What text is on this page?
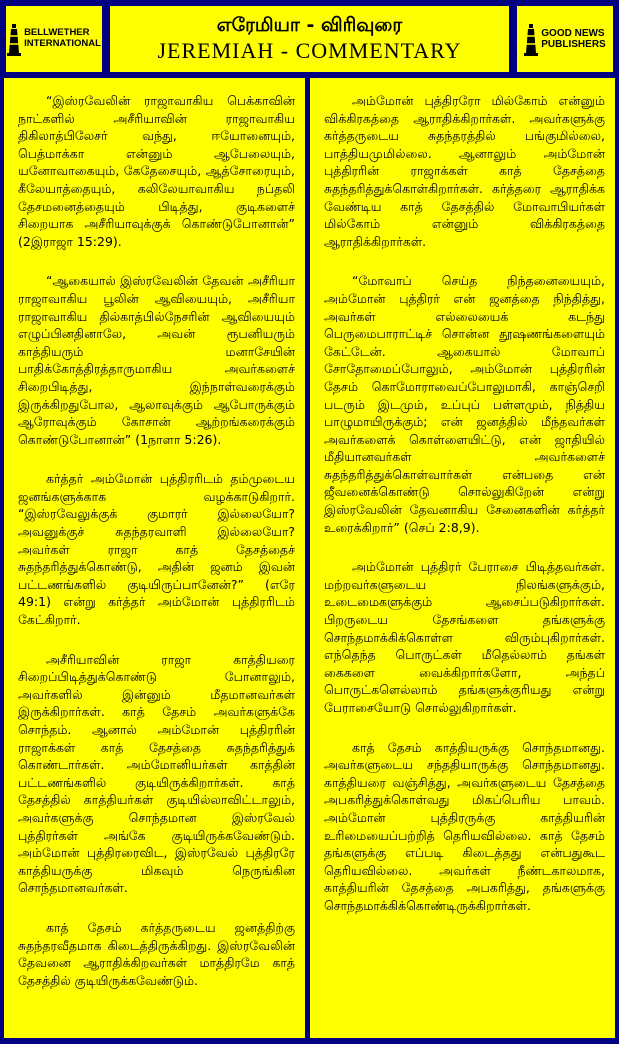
BELLWETHER
INTERNATIONAL
எரேமியா - விரிவுரை
JEREMIAH - COMMENTARY
GOOD NEWS
PUBLISHERS

“இஸ்ரவேலின் ராஜாவாகிய பெக்காவின் நாட்களில் அசீரியாவின் ராஜாவாகிய திகிலாத்பிலேசர் வந்து, ஈயோனையும், பெத்மாக்கா என்னும் ஆபேலையும், யனோவாகையும், கேதேசையும், ஆத்சோரையும், கீலேயாத்தையும், கலிலேயாவாகிய நப்தலி தேசமனைத்தையும் பிடித்து, குடிகளைச் சிறையாக அசீரியாவுக்குக் கொண்டுபோனான்” (2இராஜா 15:29).

“ஆகையால் இஸ்ரவேலின் தேவன் அசீரியா ராஜாவாகிய பூலின் ஆவியையும், அசீரியா ராஜாவாகிய தில்காத்பில்நேசரின் ஆவியையும் எழுப்பினதினாலே, அவன் ரூபனியரும் காத்தியரும் மனாசேயின் பாதிக்கோத்திரத்தாருமாகிய அவர்களைச் சிறைபிடித்து, இந்நாள்வரைக்கும் இருக்கிறதுபோல, ஆலாவுக்கும் ஆபோருக்கும் ஆரோவுக்கும் கோசான் ஆற்றங்கரைக்கும் கொண்டுபோனான்” (1நாளா 5:26).

கர்த்தர் அம்மோன் புத்திரரிடம் தம்முடைய ஜனங்களுக்காக வழக்காடுகிறார். “இஸ்ரவேலுக்குக் குமாரர் இல்லையோ? அவனுக்குச் சுதந்தரவாளி இல்லையோ? அவர்கள் ராஜா காத் தேசத்தைச் சுதந்தரித்துக்கொண்டு, அதின் ஜனம் இவன் பட்டணங்களில் குடியிருப்பானேன்?” (எரே 49:1) என்று கர்த்தர் அம்மோன் புத்திரரிடம் கேட்கிறார்.

அசீரியாவின் ராஜா காத்தியரை சிறைப்பிடித்துக்கொண்டு போனாலும், அவர்களில் இன்னும் மீதமானவர்கள் இருக்கிறார்கள். காத் தேசம் அவர்களுக்கே சொந்தம். ஆனால் அம்மோன் புத்திரரின் ராஜாக்கள் காத் தேசத்தை சுதந்தரித்துக் கொண்டார்கள். அம்மோனியர்கள் காத்தின் பட்டணங்களில் குடியிருக்கிறார்கள். காத் தேசத்தில் காத்தியர்கள் குடியில்லாவிட்டாலும், அவர்களுக்கு சொந்தமான இஸ்ரவேல் புத்திரர்கள் அங்கே குடியிருக்கவேண்டும். அம்மோன் புத்திரரைவிட, இஸ்ரவேல் புத்திரரே காத்தியருக்கு மிகவும் நெருங்கின சொந்தமானவர்கள்.

காத் தேசம் கர்த்தருடைய ஜனத்திற்கு சுதந்தரவீதமாக கிடைத்திருக்கிறது. இஸ்ரவேலின் தேவனை ஆராதிக்கிறவர்கள் மாத்திரமே காத் தேசத்தில் குடியிருக்கவேண்டும்.

அம்மோன் புத்திரரோ மில்கோம் என்னும் விக்கிரகத்தை ஆராதிக்கிறார்கள். அவர்களுக்கு கர்த்தருடைய சுதந்தரத்தில் பங்குமில்லை, பாத்தியமுமில்லை. ஆனாலும் அம்மோன் புத்திரரின் ராஜாக்கள் காத் தேசத்தை சுதந்தரித்துக்கொள்கிறார்கள். கர்த்தரை ஆராதிக்க வேண்டிய காத் தேசத்தில் மோவாபியர்கள் மில்கோம் என்னும் விக்கிரகத்தை ஆராதிக்கிறார்கள்.

“மோவாப் செய்த நிந்தனையையும், அம்மோன் புத்திரர் என் ஜனத்தை நிந்தித்து, அவர்கள் எல்லையைக் கடந்து பெருமைபாராட்டிச் சொன்ன தூஷணங்களையும் கேட்டேன். ஆகையால் மோவாப் சோதோமைப்போலும், அம்மோன் புத்திரரின் தேசம் கொமோராவைப்போலுமாகி, காஞ்செறி படரும் இடமும், உப்புப் பள்ளமும், நித்திய பாழுமாயிருக்கும்; என் ஜனத்தில் மீந்தவர்கள் அவர்களைக் கொள்ளையிட்டு, என் ஜாதியில் மீதியானவர்கள் அவர்களைச் சுதந்தரித்துக்கொள்வார்கள் என்பதை என் ஜீவனைக்கொண்டு சொல்லுகிறேன் என்று இஸ்ரவேலின் தேவனாகிய சேனைகளின் கர்த்தர் உரைக்கிறார்” (செப் 2:8,9).

அம்மோன் புத்திரர் பேராசை பிடித்தவர்கள். மற்றவர்களுடைய நிலங்களுக்கும், உடைமைகளுக்கும் ஆசைப்படுகிறார்கள். பிறருடைய தேசங்களை தங்களுக்கு சொந்தமாக்கிக்கொள்ள விரும்புகிறார்கள். எந்தெந்த பொருட்கள் மீதெல்லாம் தங்கள் கைகளை வைக்கிறார்களோ, அந்தப் பொருட்களெல்லாம் தங்களுக்குரியது என்று பேராசையோடு சொல்லுகிறார்கள்.

காத் தேசம் காத்தியருக்கு சொந்தமானது. அவர்களுடைய சந்ததியாருக்கு சொந்தமானது. காத்தியரை வஞ்சித்து, அவர்களுடைய தேசத்தை அபகரித்துக்கொள்வது மிகப்பெரிய பாவம். அம்மோன் புத்திரருக்கு காத்தியரின் உரிமையைப்பற்றித் தெரியவில்லை. காத் தேசம் தங்களுக்கு எப்படி கிடைத்தது என்பதுகூட தெரியவில்லை. அவர்கள் நீண்டகாலமாக, காத்தியரின் தேசத்தை அபகரித்து, தங்களுக்கு சொந்தமாக்கிக்கொண்டிருக்கிறார்கள்.
